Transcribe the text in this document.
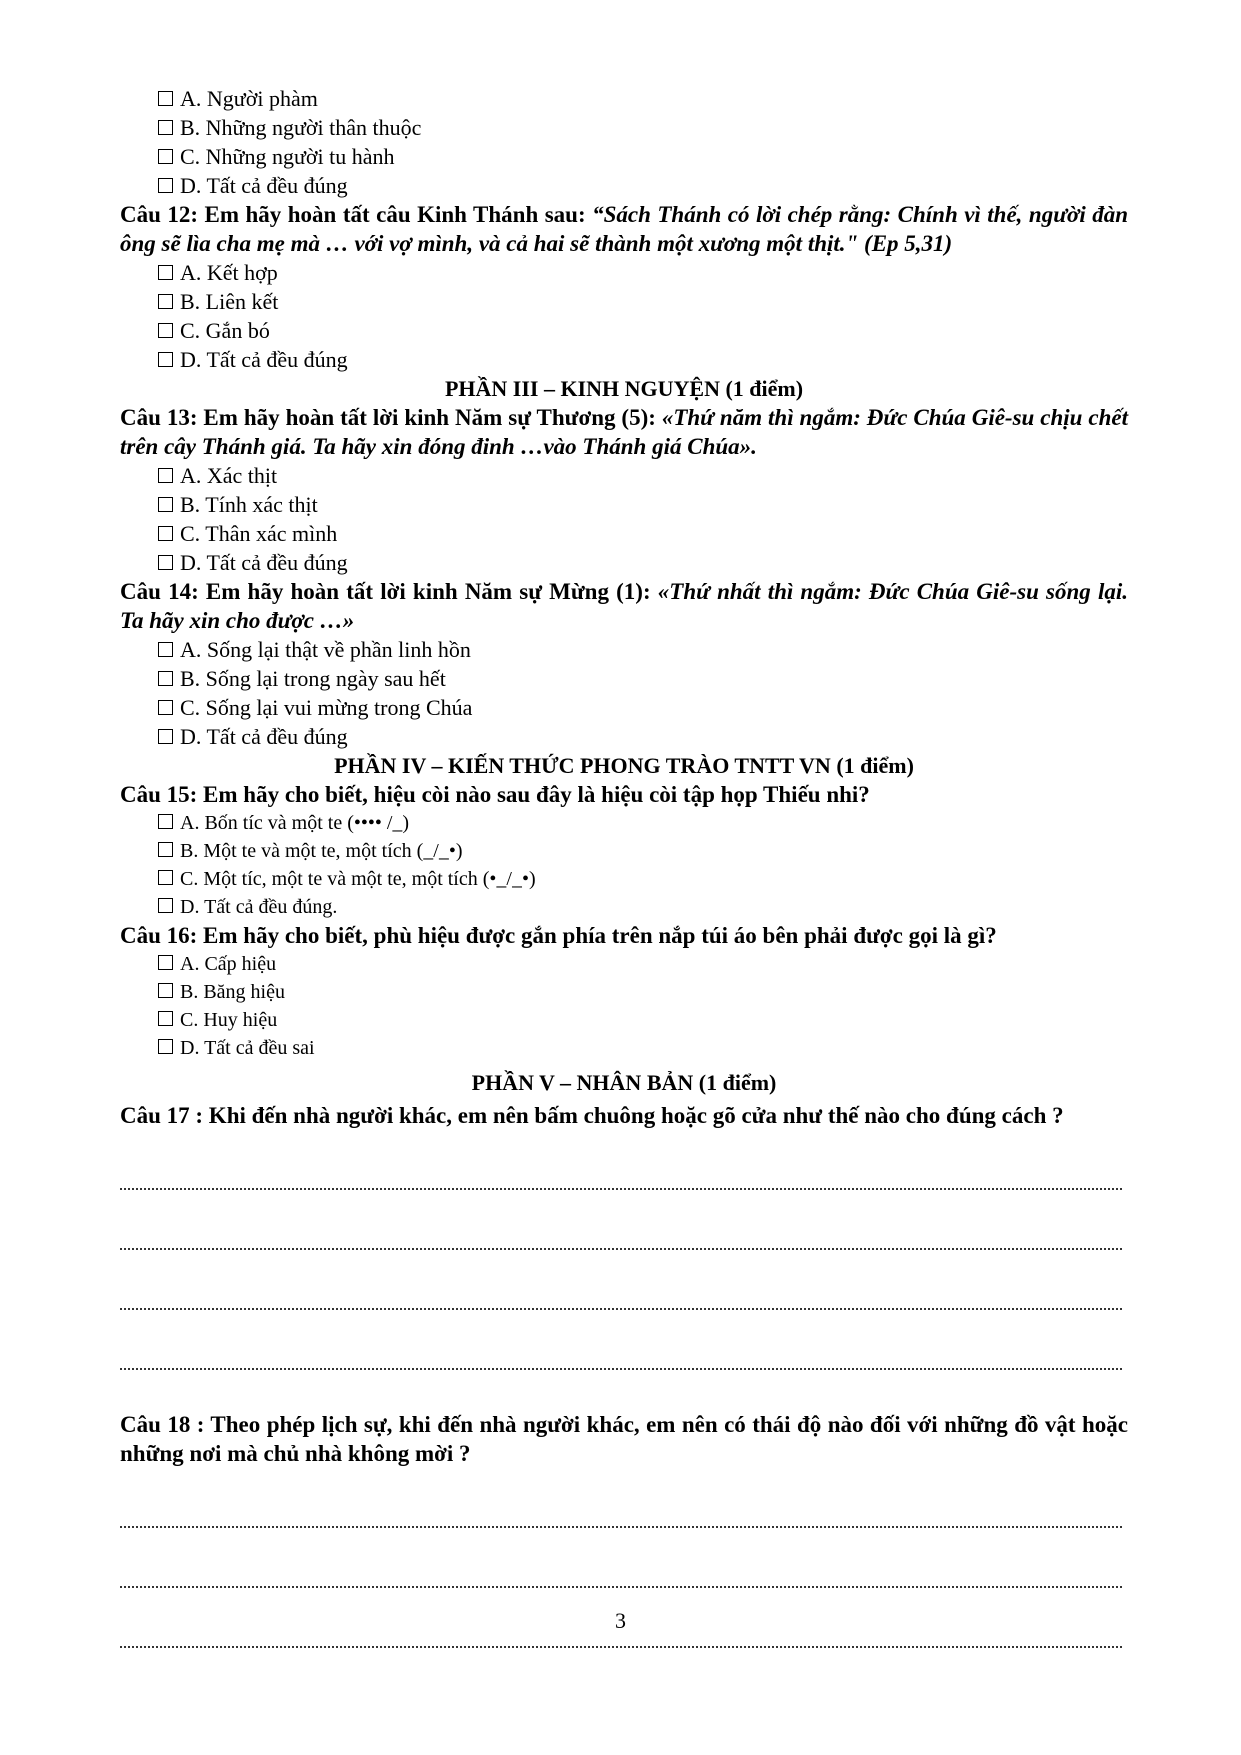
A. Người phàm
B. Những người thân thuộc
C. Những người tu hành
D. Tất cả đều đúng
Câu 12: Em hãy hoàn tất câu Kinh Thánh sau: “Sách Thánh có lời chép rằng: Chính vì thế, người đàn ông sẽ lìa cha mẹ mà … với vợ mình, và cả hai sẽ thành một xương một thịt." (Ep 5,31)
A. Kết hợp
B. Liên kết
C. Gắn bó
D. Tất cả đều đúng
PHẦN III – KINH NGUYỆN (1 điểm)
Câu 13: Em hãy hoàn tất lời kinh Năm sự Thương (5): «Thứ năm thì ngắm: Đức Chúa Giê-su chịu chết trên cây Thánh giá. Ta hãy xin đóng đinh …vào Thánh giá Chúa».
A. Xác thịt
B. Tính xác thịt
C. Thân xác mình
D. Tất cả đều đúng
Câu 14: Em hãy hoàn tất lời kinh Năm sự Mừng (1): «Thứ nhất thì ngắm: Đức Chúa Giê-su sống lại. Ta hãy xin cho được …»
A. Sống lại thật về phần linh hồn
B. Sống lại trong ngày sau hết
C. Sống lại vui mừng trong Chúa
D. Tất cả đều đúng
PHẦN IV – KIẾN THỨC PHONG TRÀO TNTT VN (1 điểm)
Câu 15: Em hãy cho biết, hiệu còi nào sau đây là hiệu còi tập họp Thiếu nhi?
A. Bốn tíc và một te (•••• / ̲ )
B. Một te và một te, một tích ( ̲ / ̲ •)
C. Một tíc, một te và một te, một tích (• ̲ / ̲ •)
D. Tất cả đều đúng.
Câu 16: Em hãy cho biết, phù hiệu được gắn phía trên nắp túi áo bên phải được gọi là gì?
A. Cấp hiệu
B. Băng hiệu
C. Huy hiệu
D. Tất cả đều sai
PHẦN V – NHÂN BẢN (1 điểm)
Câu 17 : Khi đến nhà người khác, em nên bấm chuông hoặc gõ cửa như thế nào cho đúng cách ?
Câu 18 : Theo phép lịch sự, khi đến nhà người khác, em nên có thái độ nào đối với những đồ vật hoặc những nơi mà chủ nhà không mời ?
3
